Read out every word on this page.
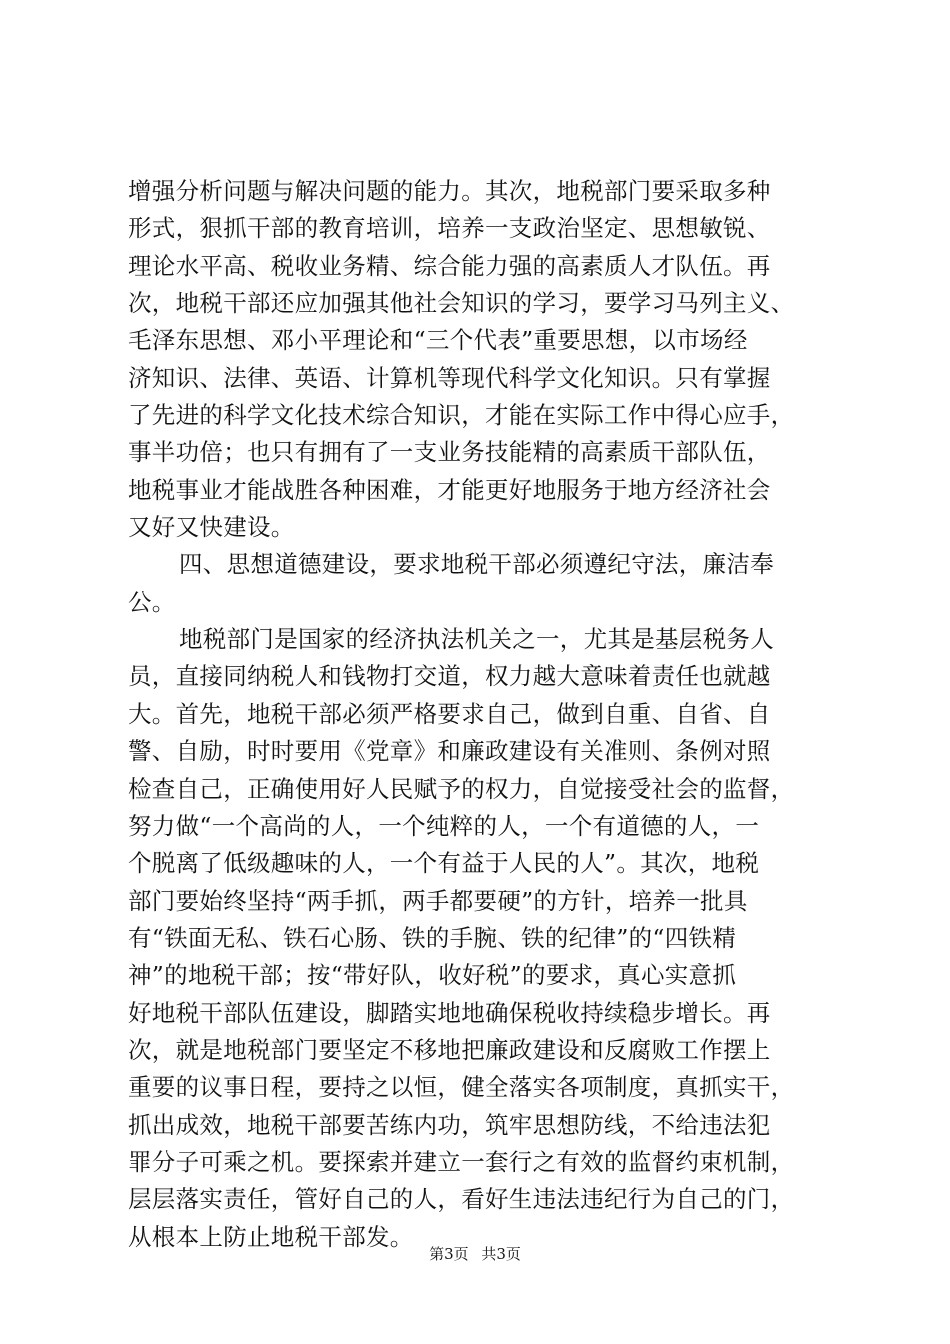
增强分析问题与解决问题的能力。其次，地税部门要采取多种
形式，狠抓干部的教育培训，培养一支政治坚定、思想敏锐、
理论水平高、税收业务精、综合能力强的高素质人才队伍。再
次，地税干部还应加强其他社会知识的学习，要学习马列主义、
毛泽东思想、邓小平理论和“三个代表”重要思想，以市场经
济知识、法律、英语、计算机等现代科学文化知识。只有掌握
了先进的科学文化技术综合知识，才能在实际工作中得心应手，
事半功倍；也只有拥有了一支业务技能精的高素质干部队伍，
地税事业才能战胜各种困难，才能更好地服务于地方经济社会
又好又快建设。
四、思想道德建设，要求地税干部必须遵纪守法，廉洁奉
公。
地税部门是国家的经济执法机关之一，尤其是基层税务人
员，直接同纳税人和钱物打交道，权力越大意味着责任也就越
大。首先，地税干部必须严格要求自己，做到自重、自省、自
警、自励，时时要用《党章》和廉政建设有关准则、条例对照
检查自己，正确使用好人民赋予的权力，自觉接受社会的监督，
努力做“一个高尚的人，一个纯粹的人，一个有道德的人，一
个脱离了低级趣味的人，一个有益于人民的人”。其次，地税
部门要始终坚持“两手抓，两手都要硬”的方针，培养一批具
有“铁面无私、铁石心肠、铁的手腕、铁的纪律”的“四铁精
神”的地税干部；按“带好队，收好税”的要求，真心实意抓
好地税干部队伍建设，脚踏实地地确保税收持续稳步增长。再
次，就是地税部门要坚定不移地把廉政建设和反腐败工作摆上
重要的议事日程，要持之以恒，健全落实各项制度，真抓实干，
抓出成效，地税干部要苦练内功，筑牢思想防线，不给违法犯
罪分子可乘之机。要探索并建立一套行之有效的监督约束机制，
层层落实责任，管好自己的人，看好生违法违纪行为自己的门，
从根本上防止地税干部发。
第3页 共3页
